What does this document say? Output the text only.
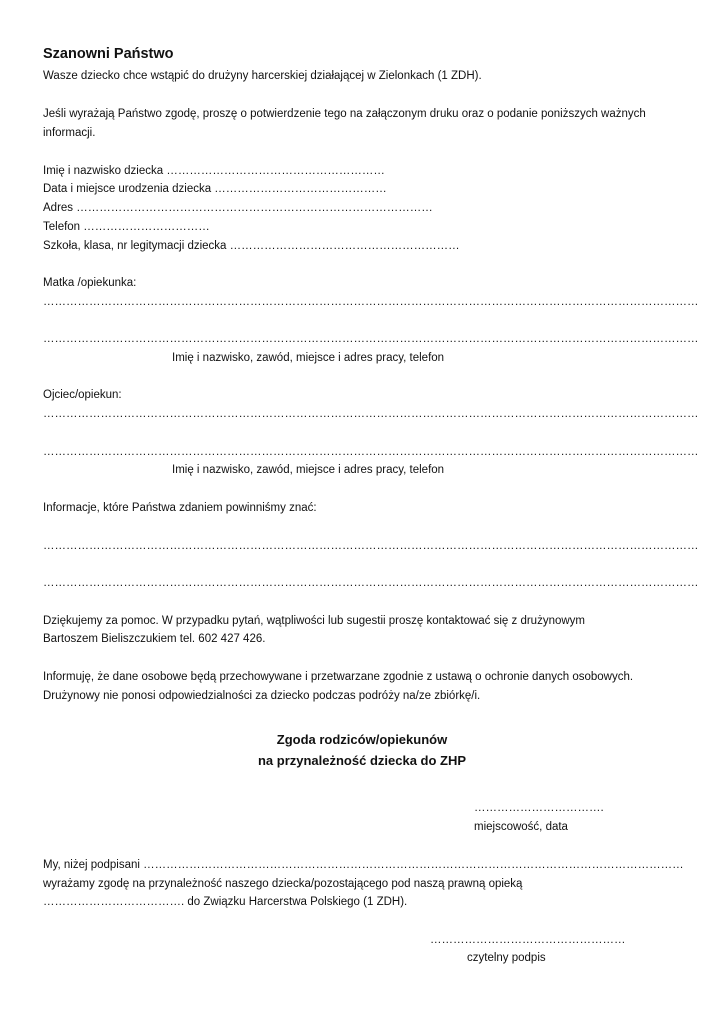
Szanowni Państwo
Wasze dziecko chce wstąpić do drużyny harcerskiej działającej w Zielonkach (1 ZDH).
Jeśli wyrażają Państwo zgodę, proszę o potwierdzenie tego na załączonym druku oraz o podanie poniższych ważnych
informacji.
Imię i nazwisko dziecka …………………………………………………
Data i miejsce urodzenia dziecka ………………………………………
Adres …………………………………………………………………………………
Telefon ……………………………
Szkoła, klasa, nr legitymacji dziecka ……………………………………………………
Matka /opiekunka:
………………………………………………………………………………………………………………………………………………………
………………………………………………………………………………………………………………………………………………………
Imię i nazwisko, zawód, miejsce i adres pracy, telefon
Ojciec/opiekun:
………………………………………………………………………………………………………………………………………………………
………………………………………………………………………………………………………………………………………………………
Imię i nazwisko, zawód, miejsce i adres pracy, telefon
Informacje, które Państwa zdaniem powinniśmy znać:
………………………………………………………………………………………………………………………………………………………
………………………………………………………………………………………………………………………………………………………
Dziękujemy za pomoc. W przypadku pytań, wątpliwości lub sugestii proszę kontaktować się z drużynowym
Bartoszem Bieliszczukiem tel. 602 427 426.
Informuję, że dane osobowe będą przechowywane i przetwarzane zgodnie z ustawą o ochronie danych osobowych.
Drużynowy nie ponosi odpowiedzialności za dziecko podczas podróży na/ze zbiórkę/i.
Zgoda rodziców/opiekunów
na przynależność dziecka do ZHP
…………………………….
miejscowość, data
My, niżej podpisani ……………………………………………………………………………………………………………………………
wyrażamy zgodę na przynależność naszego dziecka/pozostającego pod naszą prawną opieką
………………………………. do Związku Harcerstwa Polskiego (1 ZDH).
……………………………………………
czytelny podpis
